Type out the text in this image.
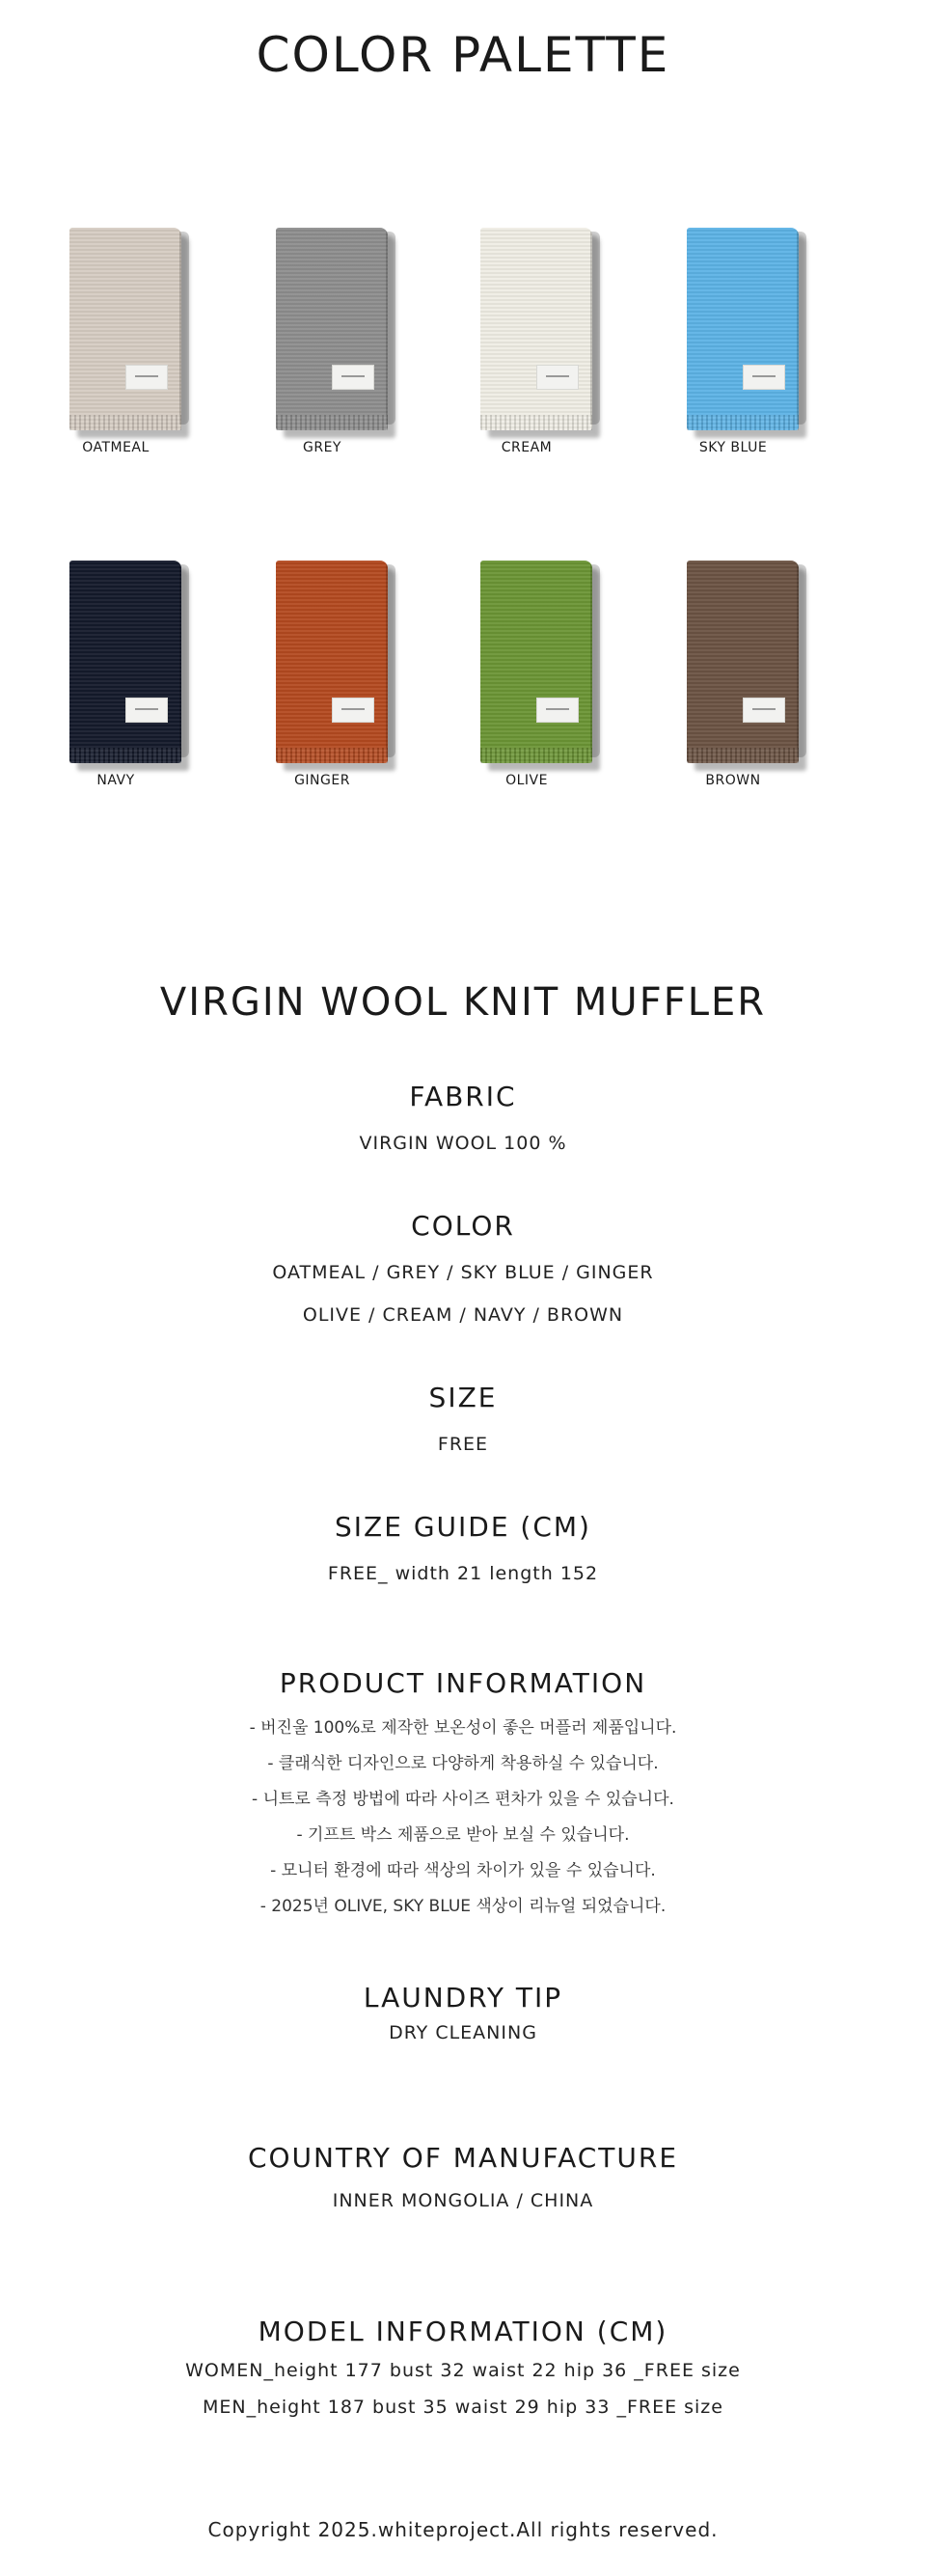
COLOR PALETTE
OATMEAL	GREY	CREAM	SKY BLUE
NAVY	GINGER	OLIVE	BROWN
VIRGIN WOOL KNIT MUFFLER
FABRIC
VIRGIN WOOL 100 %
COLOR
OATMEAL / GREY / SKY BLUE / GINGER
OLIVE / CREAM / NAVY / BROWN
SIZE
FREE
SIZE GUIDE (CM)
FREE_ width 21 length 152
PRODUCT INFORMATION
- 버진울 100%로 제작한 보온성이 좋은 머플러 제품입니다.
- 클래식한 디자인으로 다양하게 착용하실 수 있습니다.
- 니트로 측정 방법에 따라 사이즈 편차가 있을 수 있습니다.
- 기프트 박스 제품으로 받아 보실 수 있습니다.
- 모니터 환경에 따라 색상의 차이가 있을 수 있습니다.
- 2025년 OLIVE, SKY BLUE 색상이 리뉴얼 되었습니다.
LAUNDRY TIP
DRY CLEANING
COUNTRY OF MANUFACTURE
INNER MONGOLIA / CHINA
MODEL INFORMATION (CM)
WOMEN_height 177 bust 32 waist 22 hip 36 _FREE size
MEN_height 187 bust 35 waist 29 hip 33 _FREE size
Copyright 2025.whiteproject.All rights reserved.
